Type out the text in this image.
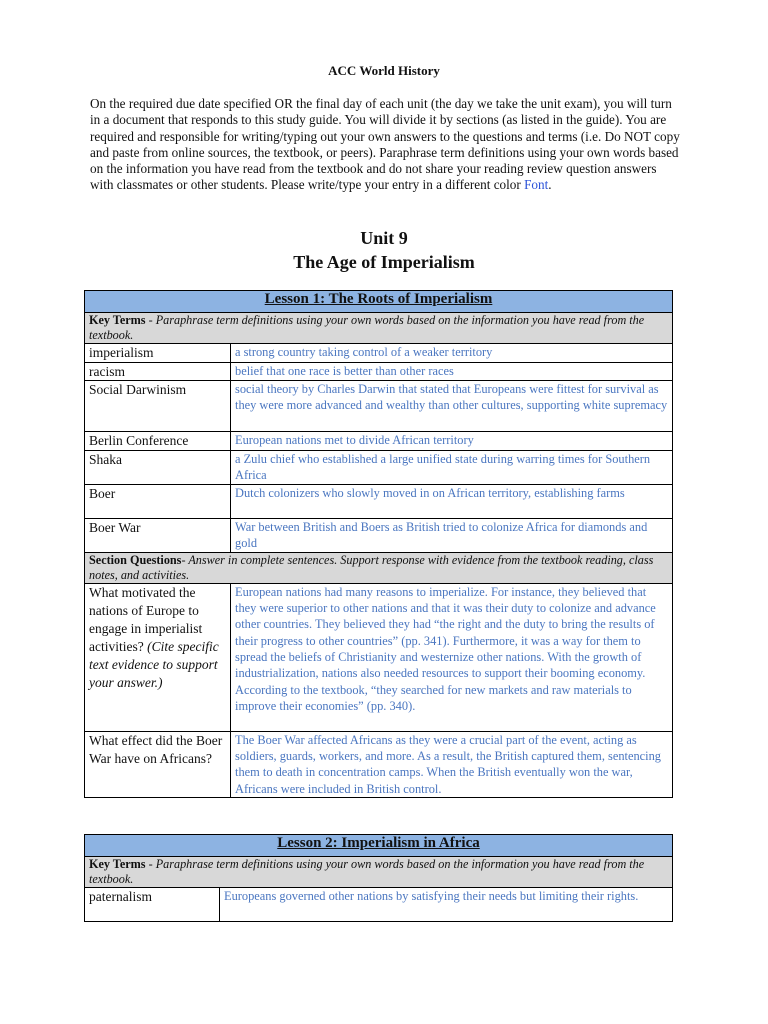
ACC World History
On the required due date specified OR the final day of each unit (the day we take the unit exam), you will turn in a document that responds to this study guide. You will divide it by sections (as listed in the guide). You are required and responsible for writing/typing out your own answers to the questions and terms (i.e. Do NOT copy and paste from online sources, the textbook, or peers). Paraphrase term definitions using your own words based on the information you have read from the textbook and do not share your reading review question answers with classmates or other students. Please write/type your entry in a different color Font.
Unit 9
The Age of Imperialism
Lesson 1: The Roots of Imperialism	
Key Terms - Paraphrase term definitions using your own words based on the information you have read from the textbook.	
imperialism	a strong country taking control of a weaker territory
racism	belief that one race is better than other races
Social Darwinism	social theory by Charles Darwin that stated that Europeans were fittest for survival as they were more advanced and wealthy than other cultures, supporting white supremacy
Berlin Conference	European nations met to divide African territory
Shaka	a Zulu chief who established a large unified state during warring times for Southern Africa
Boer	Dutch colonizers who slowly moved in on African territory, establishing farms
Boer War	War between British and Boers as British tried to colonize Africa for diamonds and gold
Section Questions- Answer in complete sentences. Support response with evidence from the textbook reading, class notes, and activities.	
What motivated the nations of Europe to engage in imperialist activities? (Cite specific text evidence to support your answer.)	European nations had many reasons to imperialize. For instance, they believed that they were superior to other nations and that it was their duty to colonize and advance other countries. They believed they had “the right and the duty to bring the results of their progress to other countries” (pp. 341). Furthermore, it was a way for them to spread the beliefs of Christianity and westernize other nations. With the growth of industrialization, nations also needed resources to support their booming economy. According to the textbook, “they searched for new markets and raw materials to improve their economies” (pp. 340).
What effect did the Boer War have on Africans?	The Boer War affected Africans as they were a crucial part of the event, acting as soldiers, guards, workers, and more. As a result, the British captured them, sentencing them to death in concentration camps. When the British eventually won the war, Africans were included in British control.
Lesson 2: Imperialism in Africa
Key Terms - Paraphrase term definitions using your own words based on the information you have read from the textbook.
paternalism	Europeans governed other nations by satisfying their needs but limiting their rights.
